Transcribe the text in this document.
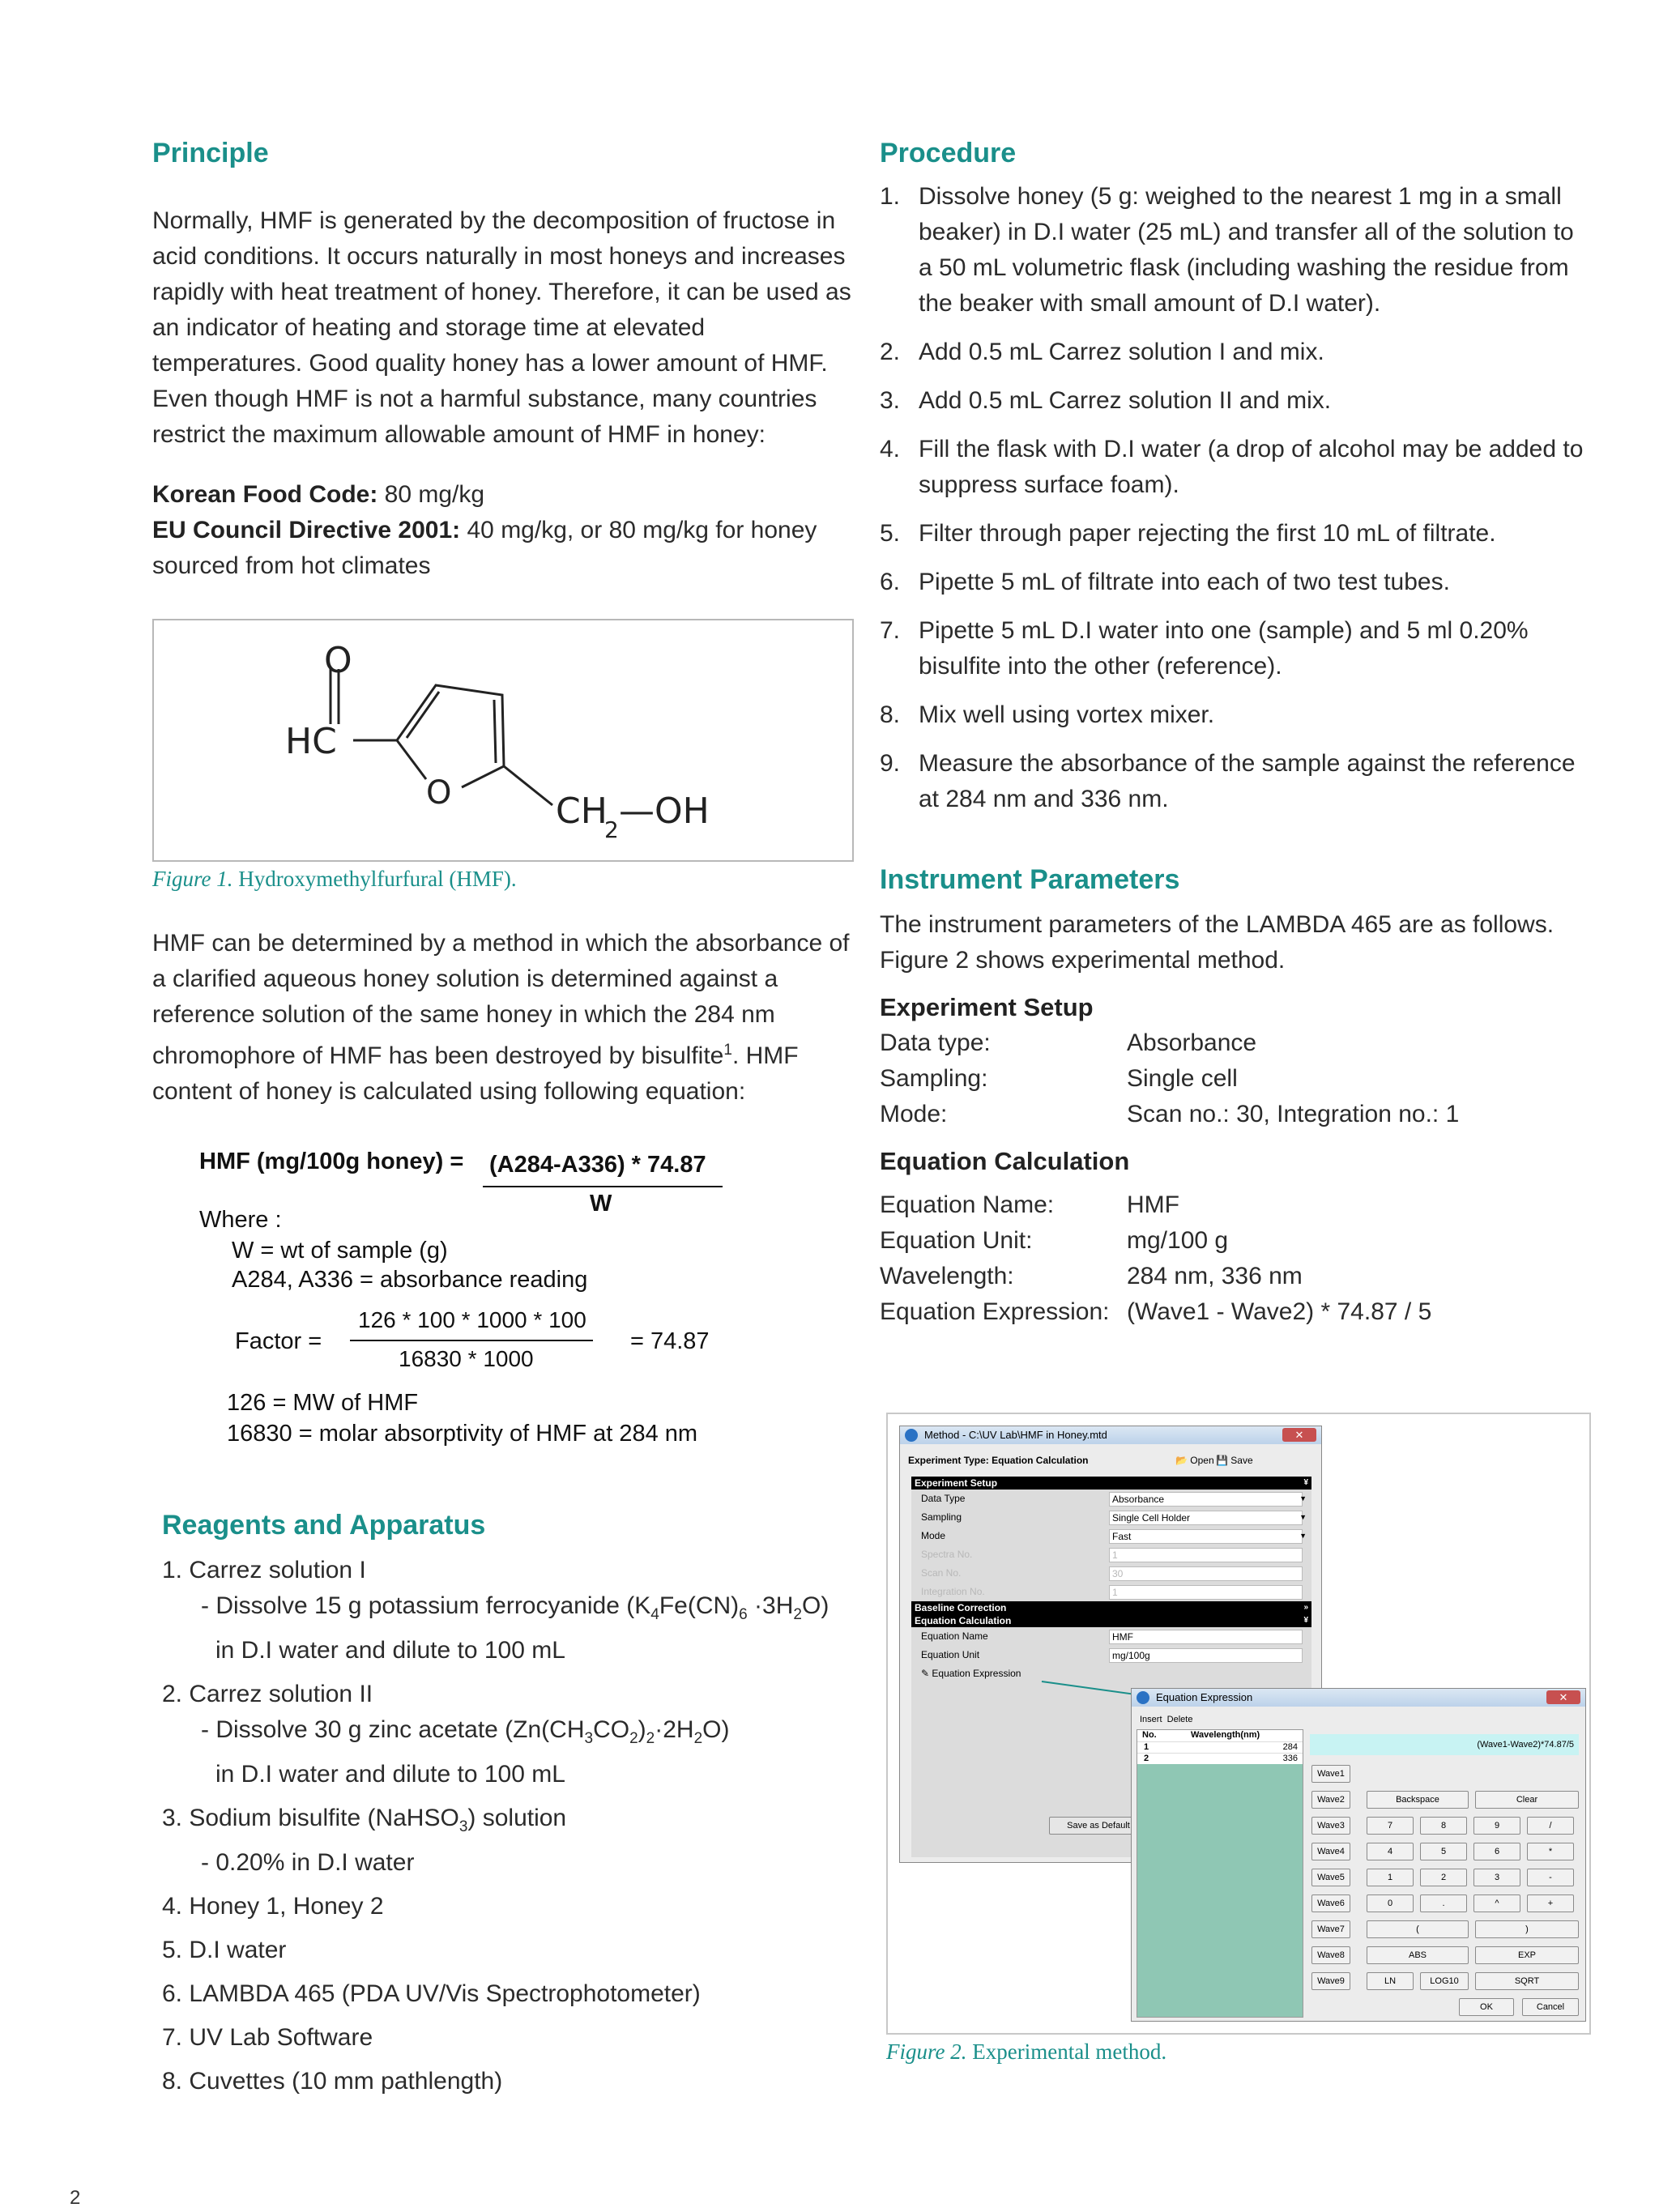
Principle

Normally, HMF is generated by the decomposition of fructose in acid conditions. It occurs naturally in most honeys and increases rapidly with heat treatment of honey. Therefore, it can be used as an indicator of heating and storage time at elevated temperatures. Good quality honey has a lower amount of HMF. Even though HMF is not a harmful substance, many countries restrict the maximum allowable amount of HMF in honey:

Korean Food Code: 80 mg/kg
EU Council Directive 2001: 40 mg/kg, or 80 mg/kg for honey sourced from hot climates
O
HC
O	CH
2 —OH
Figure 1. Hydroxymethylfurfural (HMF).

HMF can be determined by a method in which the absorbance of a clarified aqueous honey solution is determined against a reference solution of the same honey in which the 284 nm chromophore of HMF has been destroyed by bisulfite$^1$. HMF content of honey is calculated using following equation:

HMF (mg/100g honey) = (A284-A336) * 74.87
W
Where :
W = wt of sample (g)
A284, A336 = absorbance reading
126 * 100 * 1000 * 100
Factor =
16830 * 1000
= 74.87
126 = MW of HMF
16830 = molar absorptivity of HMF at 284 nm
Reagents and Apparatus
1. Carrez solution I
- Dissolve 15 g potassium ferrocyanide $(K_4Fe(CN)_6 \cdot 3H_2O)$
in D.I water and dilute to 100 mL
2. Carrez solution II
- Dissolve 30 g zinc acetate $(Zn(CH_3CO_2)_2\cdot 2H_2O)$
in D.I water and dilute to 100 mL
3. Sodium bisulfite (NaHSO$_3$) solution
- 0.20% in D.I water
4. Honey 1, Honey 2
5. D.I water
6. LAMBDA 465 (PDA UV/Vis Spectrophotometer)
7. UV Lab Software
8. Cuvettes (10 mm pathlength)
Procedure
1. Dissolve honey (5 g: weighed to the nearest 1 mg in a small beaker) in D.I water (25 mL) and transfer all of the solution to a 50 mL volumetric flask (including washing the residue from the beaker with small amount of D.I water).
2. Add 0.5 mL Carrez solution I and mix.
3. Add 0.5 mL Carrez solution II and mix.
4. Fill the flask with D.I water (a drop of alcohol may be added to suppress surface foam).
5. Filter through paper rejecting the first 10 mL of filtrate.
6. Pipette 5 mL of filtrate into each of two test tubes.
7. Pipette 5 mL D.I water into one (sample) and 5 ml 0.20% bisulfite into the other (reference).
8. Mix well using vortex mixer.
9. Measure the absorbance of the sample against the reference at 284 nm and 336 nm.
Instrument Parameters

The instrument parameters of the LAMBDA 465 are as follows. Figure 2 shows experimental method.

Experiment Setup
Data type:	Absorbance
Sampling:	Single cell
Mode:	Scan no.: 30, Integration no.: 1
Equation Calculation
Equation Name:	HMF
Equation Unit:	mg/100 g
Wavelength:	284 nm, 336 nm
Equation Expression: (Wave1 - Wave2) * 74.87 / 5
Method - C:\UV Lab\HMF in Honey.mtd	✕
Experiment Type: Equation Calculation	📂 Open 💾 Save
Experiment Setup	¥
Data Type	Absorbance	▼
Sampling	Single Cell Holder	▼
Mode	Fast	▼
Spectra No.	1
Scan No.	30
Integration No.	1
Baseline Correction	»
Equation Calculation	¥
Equation Name	HMF
Equation Unit	mg/100g
✎ Equation Expression
Save as Default
Equation Expression	✕
Insert Delete
No.	Wavelength(nm)
1	284
2	336
(Wave1-Wave2)*74.87/5
Wave1
Wave2
Wave3
Wave4
Wave5
Wave6
Wave7
Wave8
Wave9
Backspace	Clear
7	8	9	/
4	5	6	*
1	2	3	-
0	.	^	+
(	)
ABS	EXP
LN	LOG10	SQRT
OK	Cancel
Figure 2. Experimental method.
2
